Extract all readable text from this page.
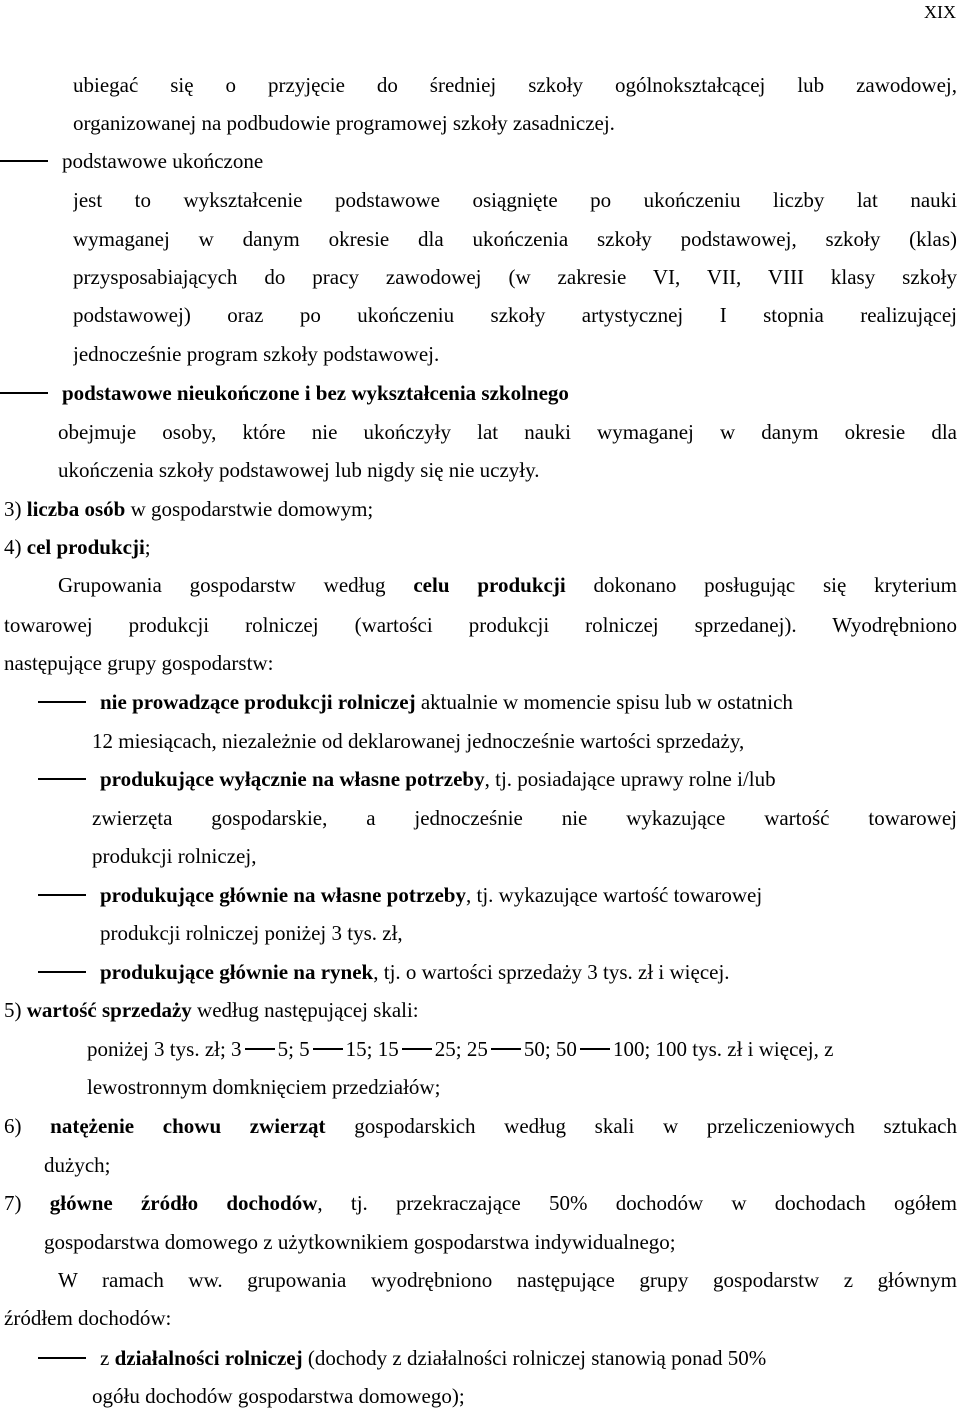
XIX
ubiegać się o przyjęcie do średniej szkoły ogólnokształcącej lub zawodowej,
organizowanej na podbudowie programowej szkoły zasadniczej.
podstawowe ukończone
jest to wykształcenie podstawowe osiągnięte po ukończeniu liczby lat nauki
wymaganej w danym okresie dla ukończenia szkoły podstawowej, szkoły (klas)
przysposabiających do pracy zawodowej (w zakresie VI, VII, VIII klasy szkoły
podstawowej) oraz po ukończeniu szkoły artystycznej I stopnia realizującej
jednocześnie program szkoły podstawowej.
podstawowe nieukończone i bez wykształcenia szkolnego
obejmuje osoby, które nie ukończyły lat nauki wymaganej w danym okresie dla
ukończenia szkoły podstawowej lub nigdy się nie uczyły.
3) liczba osób w gospodarstwie domowym;
4) cel produkcji;
Grupowania gospodarstw według celu produkcji dokonano posługując się kryterium
towarowej produkcji rolniczej (wartości produkcji rolniczej sprzedanej). Wyodrębniono
następujące grupy gospodarstw:
nie prowadzące produkcji rolniczej aktualnie w momencie spisu lub w ostatnich
12 miesiącach, niezależnie od deklarowanej jednocześnie wartości sprzedaży,
produkujące wyłącznie na własne potrzeby, tj. posiadające uprawy rolne i/lub
zwierzęta gospodarskie, a jednocześnie nie wykazujące wartość towarowej
produkcji rolniczej,
produkujące głównie na własne potrzeby, tj. wykazujące wartość towarowej
produkcji rolniczej poniżej 3 tys. zł,
produkujące głównie na rynek, tj. o wartości sprzedaży 3 tys. zł i więcej.
5) wartość sprzedaży według następującej skali:
poniżej 3 tys. zł; 3 5; 5 15; 15 25; 25 50; 50 100; 100 tys. zł i więcej, z
lewostronnym domknięciem przedziałów;
6) natężenie chowu zwierząt gospodarskich według skali w przeliczeniowych sztukach
dużych;
7) główne źródło dochodów, tj. przekraczające 50% dochodów w dochodach ogółem
gospodarstwa domowego z użytkownikiem gospodarstwa indywidualnego;
W ramach ww. grupowania wyodrębniono następujące grupy gospodarstw z głównym
źródłem dochodów:
z działalności rolniczej (dochody z działalności rolniczej stanowią ponad 50%
ogółu dochodów gospodarstwa domowego);
